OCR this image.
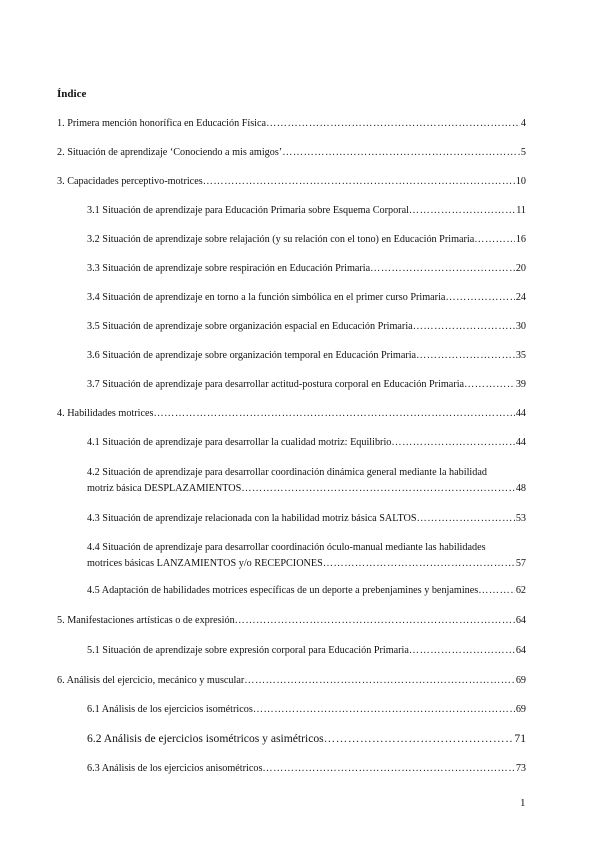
Índice
1. Primera mención honorífica en Educación Física ……………………………………………………………………………………………………………………………………………………………………	4
2. Situación de aprendizaje ‘Conociendo a mis amigos’ ……………………………………………………………………………………………………………………………………………………………………	5
3. Capacidades perceptivo-motrices ……………………………………………………………………………………………………………………………………………………………………	10
3.1 Situación de aprendizaje para Educación Primaria sobre Esquema Corporal ……………………………………………………………………………………………………………………………………………………………………	11
3.2 Situación de aprendizaje sobre relajación (y su relación con el tono) en Educación Primaria ……………………………………………………………………………………………………………………………………………………………………	16
3.3 Situación de aprendizaje sobre respiración en Educación Primaria ……………………………………………………………………………………………………………………………………………………………………	20
3.4 Situación de aprendizaje en torno a la función simbólica en el primer curso Primaria ……………………………………………………………………………………………………………………………………………………………………	24
3.5 Situación de aprendizaje sobre organización espacial en Educación Primaria ……………………………………………………………………………………………………………………………………………………………………	30
3.6 Situación de aprendizaje sobre organización temporal en Educación Primaria ……………………………………………………………………………………………………………………………………………………………………	35
3.7 Situación de aprendizaje para desarrollar actitud-postura corporal en Educación Primaria ……………………………………………………………………………………………………………………………………………………………………	39
4. Habilidades motrices ……………………………………………………………………………………………………………………………………………………………………	44
4.1 Situación de aprendizaje para desarrollar la cualidad motriz: Equilibrio ……………………………………………………………………………………………………………………………………………………………………	44
4.2 Situación de aprendizaje para desarrollar coordinación dinámica general mediante la habilidad
motriz básica DESPLAZAMIENTOS ……………………………………………………………………………………………………………………………………………………………………	48
4.3 Situación de aprendizaje relacionada con la habilidad motriz básica SALTOS ……………………………………………………………………………………………………………………………………………………………………	53
4.4 Situación de aprendizaje para desarrollar coordinación óculo-manual mediante las habilidades
motrices básicas LANZAMIENTOS y/o RECEPCIONES ……………………………………………………………………………………………………………………………………………………………………	57
4.5 Adaptación de habilidades motrices específicas de un deporte a prebenjamines y benjamines ……………………………………………………………………………………………………………………………………………………………………	62
5. Manifestaciones artísticas o de expresión ……………………………………………………………………………………………………………………………………………………………………	64
5.1 Situación de aprendizaje sobre expresión corporal para Educación Primaria ……………………………………………………………………………………………………………………………………………………………………	64
6. Análisis del ejercicio, mecánico y muscular ……………………………………………………………………………………………………………………………………………………………………	69
6.1 Análisis de los ejercicios isométricos ……………………………………………………………………………………………………………………………………………………………………	69
6.2 Análisis de ejercicios isométricos y asimétricos ……………………………………………………………………………………………………………………………………………………………………	71
6.3 Análisis de los ejercicios anisométricos ……………………………………………………………………………………………………………………………………………………………………	73
1
